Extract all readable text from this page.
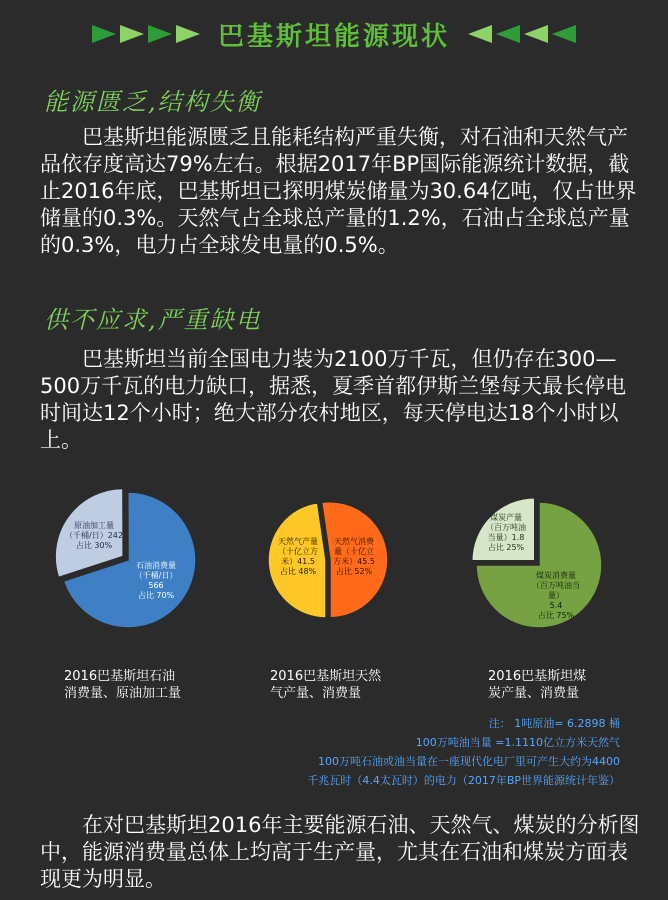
巴基斯坦能源现状
能源匮乏,结构失衡

巴基斯坦能源匮乏且能耗结构严重失衡，对石油和天然气产品依存度高达79%左右。根据2017年BP国际能源统计数据，截止2016年底，巴基斯坦已探明煤炭储量为30.64亿吨，仅占世界储量的0.3%。天然气占全球总产量的1.2%，石油占全球总产量的0.3%，电力占全球发电量的0.5%。

供不应求,严重缺电

巴基斯坦当前全国电力装为2100万千瓦，但仍存在300—500万千瓦的电力缺口，据悉，夏季首都伊斯兰堡每天最长停电时间达12个小时；绝大部分农村地区，每天停电达18个小时以上。

原油加工量
（千桶/日）242
占比 30%
石油消费量
（千桶/日）
566
占比 70%
天然气产量
（十亿立方
米）41.5
占比 48%
天然气消费
量（十亿立
方米）45.5
占比 52%
煤炭产量
（百万吨油
当量）1.8
占比 25%
煤炭消费量
（百万吨油当
量）
5.4
占比 75%
2016巴基斯坦石油
消费量、原油加工量
2016巴基斯坦天然
气产量、消费量
2016巴基斯坦煤
炭产量、消费量
注： 1吨原油= 6.2898 桶
100万吨油当量 =1.1110亿立方米天然气
100万吨石油或油当量在一座现代化电厂里可产生大约为4400
千兆瓦时（4.4太瓦时）的电力（2017年BP世界能源统计年鉴）

在对巴基斯坦2016年主要能源石油、天然气、煤炭的分析图中，能源消费量总体上均高于生产量，尤其在石油和煤炭方面表现更为明显。
